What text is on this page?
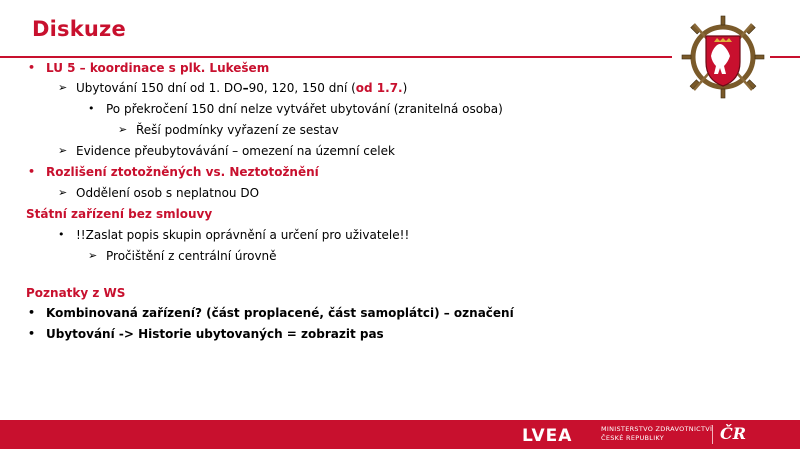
Diskuze
• LU 5 – koordinace s plk. Lukešem
➢ Ubytování 150 dní od 1. DO – 90, 120, 150 dní ( od 1.7. )
• Po překročení 150 dní nelze vytvářet ubytování (zranitelná osoba)
➢ Řeší podmínky vyřazení ze sestav
➢ Evidence přeubytovávání – omezení na územní celek
• Rozlišení ztotožněných vs. Neztotožnění
➢ Oddělení osob s neplatnou DO
Státní zařízení bez smlouvy
• !!Zaslat popis skupin oprávnění a určení pro uživatele!!
➢ Pročištění z centrální úrovně
Poznatky z WS
• Kombinovaná zařízení? (část proplacené, část samoplátci) – označení
• Ubytování -> Historie ubytovaných = zobrazit pas
LVEA	MINISTERSTVO ZDRAVOTNICTVÍ
ČESKÉ REPUBLIKY	ČR
